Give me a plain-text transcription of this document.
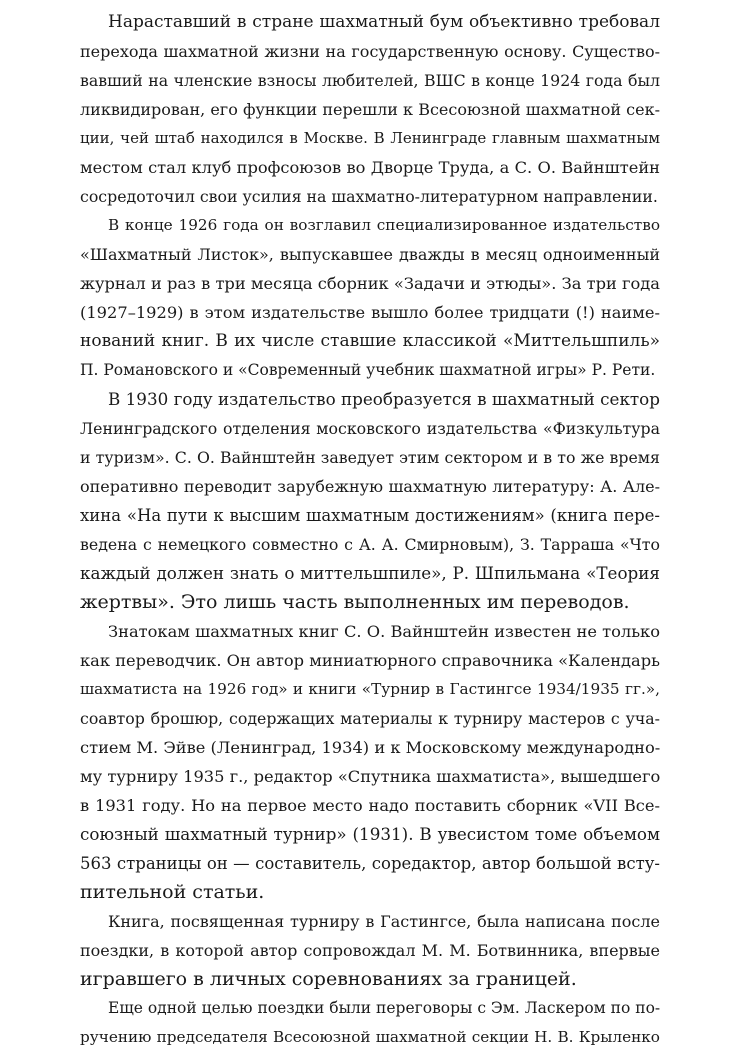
Нараставший в стране шахматный бум объективно требовал
перехода шахматной жизни на государственную основу. Существо-
вавший на членские взносы любителей, ВШС в конце 1924 года был
ликвидирован, его функции перешли к Всесоюзной шахматной сек-
ции, чей штаб находился в Москве. В Ленинграде главным шахматным
местом стал клуб профсоюзов во Дворце Труда, а С. О. Вайнштейн
сосредоточил свои усилия на шахматно-литературном направлении.
В конце 1926 года он возглавил специализированное издательство
«Шахматный Листок», выпускавшее дважды в месяц одноименный
журнал и раз в три месяца сборник «Задачи и этюды». За три года
(1927–1929) в этом издательстве вышло более тридцати (!) наиме-
нований книг. В их числе ставшие классикой «Миттельшпиль»
П. Романовского и «Современный учебник шахматной игры» Р. Рети.
В 1930 году издательство преобразуется в шахматный сектор
Ленинградского отделения московского издательства «Физкультура
и туризм». С. О. Вайнштейн заведует этим сектором и в то же время
оперативно переводит зарубежную шахматную литературу: А. Але-
хина «На пути к высшим шахматным достижениям» (книга пере-
ведена с немецкого совместно с А. А. Смирновым), З. Тарраша «Что
каждый должен знать о миттельшпиле», Р. Шпильмана «Теория
жертвы». Это лишь часть выполненных им переводов.
Знатокам шахматных книг С. О. Вайнштейн известен не только
как переводчик. Он автор миниатюрного справочника «Календарь
шахматиста на 1926 год» и книги «Турнир в Гастингсе 1934/1935 гг.»,
соавтор брошюр, содержащих материалы к турниру мастеров с уча-
стием М. Эйве (Ленинград, 1934) и к Московскому международно-
му турниру 1935 г., редактор «Спутника шахматиста», вышедшего
в 1931 году. Но на первое место надо поставить сборник «VII Все-
союзный шахматный турнир» (1931). В увесистом томе объемом
563 страницы он — составитель, соредактор, автор большой всту-
пительной статьи.
Книга, посвященная турниру в Гастингсе, была написана после
поездки, в которой автор сопровождал М. М. Ботвинника, впервые
игравшего в личных соревнованиях за границей.
Еще одной целью поездки были переговоры с Эм. Ласкером по по-
ручению председателя Всесоюзной шахматной секции Н. В. Крыленко
